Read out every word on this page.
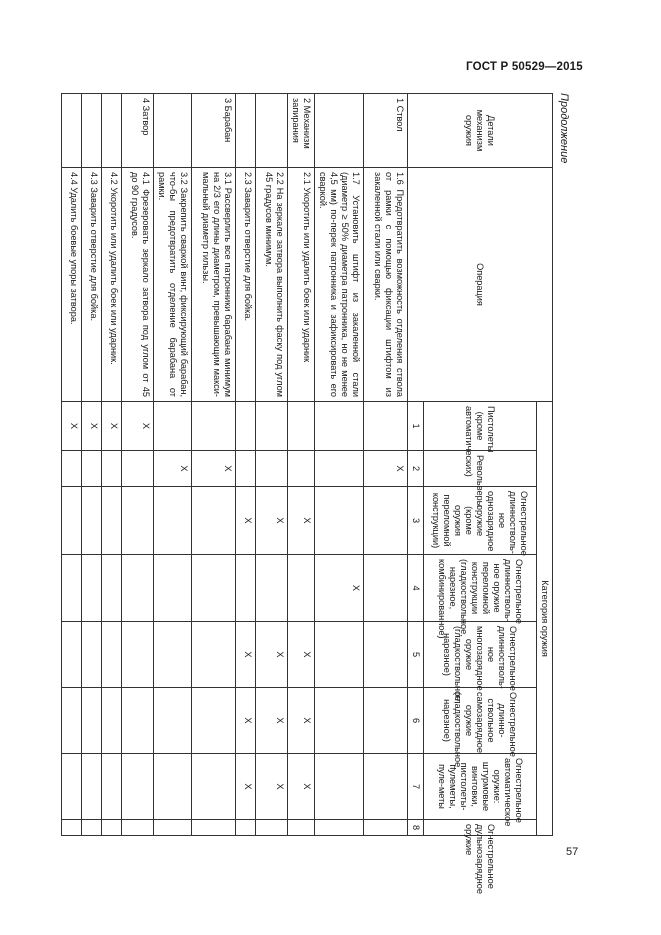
ГОСТ Р 50529—2015
Продолжение
Детали механизм оружия	Операция	Категория оружия							
		Пистолеты (кроме автоматических)	Револьверы	Огнестрельное длинностволь-ное однозарядное оружие (кроме оружия переломной конструкции)	Огнестрельное длинностволь-ное оружие переломной конструкции (гладкоствольное, нарезное, комбинированное)	Огнестрельное длинностволь-ное многозарядное оружие (гладкоствольное, нарезное)	Огнестрельное длинно-ствольное самозарядное оружие (гладкоствольное, нарезное)	Огнестрельное автоматическое оружие: штурмовые винтовки, пистолеты-пулеметы, пуле-меты	Огнестрельное дульнозарядное оружие
		1	2	3	4	5	6	7	8
1 Ствол	1.6 Предотвратить возможность отделения ствола от рамки с помощью фиксации штифтом из закаленной стали или сварки.		X						
	1.7 Установить штифт из закаленной стали (диаметр ≥ 50% диаметра патронника, но не менее 4,5 мм) по-перек патронника и зафиксировать его сваркой.				X				
2 Механизм запирания	2.1 Укоротить или удалить боек или ударник			X		X	X	X	
	2.2 На зеркале затвора выполнить фаску под углом 45 градусов минимум.			X		X	X	X	
	2.3 Заварить отверстие для бойка.			X		X	X	X	
3 Барабан	3.1 Рассверлить все патронники барабана минимум на 2/3 его длины диаметром, превышающим макси-мальный диаметр гильзы.		X						
	3.2 Закрепить сваркой винт, фиксирующий барабан, что-бы предотвратить отделение барабана от рамки.		X						
4 Затвор	4.1 Фрезеровать зеркало затвора под углом от 45 до 90 градусов.	X							
	4.2 Укоротить или удалить боек или ударник.	X							
	4.3 Заварить отверстие для бойка.	X							
	4.4 Удалить боевые упоры затвора.	X							
57
